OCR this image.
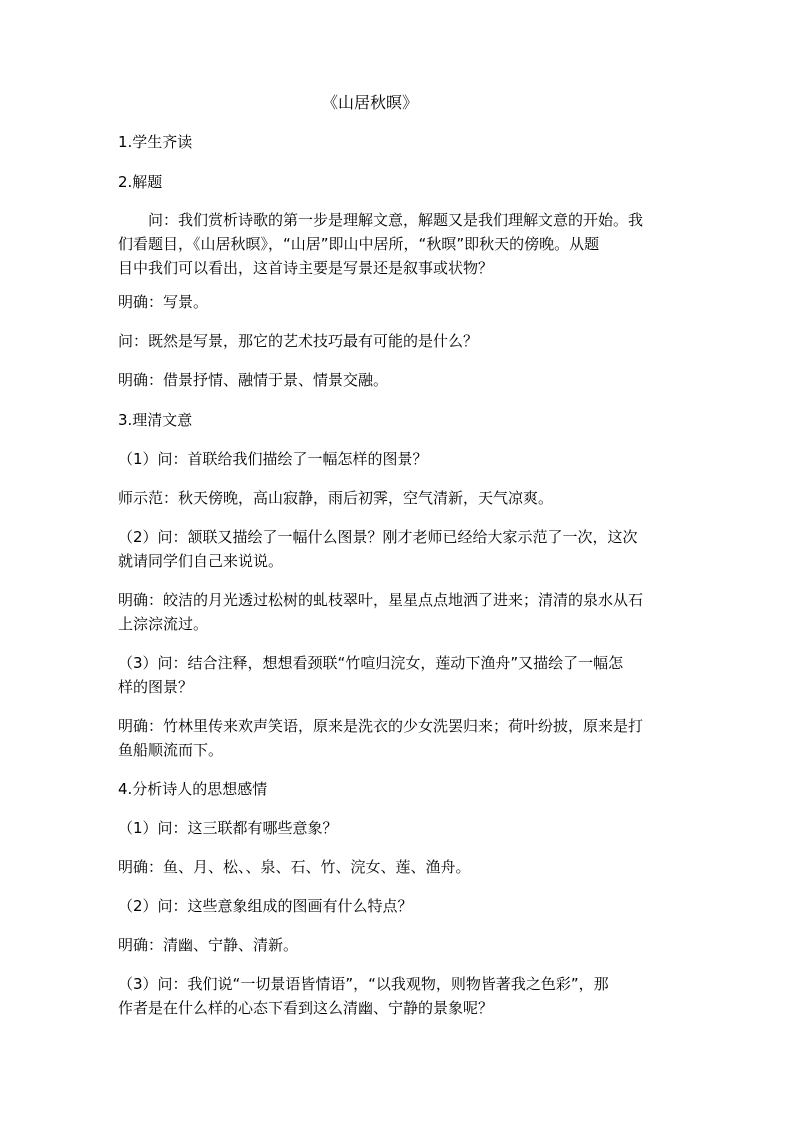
《山居秋暝》

1.学生齐读

2.解题

　　问：我们赏析诗歌的第一步是理解文意，解题又是我们理解文意的开始。我

们看题目，《山居秋暝》，“山居”即山中居所，“秋暝”即秋天的傍晚。从题

目中我们可以看出，这首诗主要是写景还是叙事或状物？

明确：写景。

问：既然是写景，那它的艺术技巧最有可能的是什么？

明确：借景抒情、融情于景、情景交融。

3.理清文意

（1）问：首联给我们描绘了一幅怎样的图景？

师示范：秋天傍晚，高山寂静，雨后初霁，空气清新，天气凉爽。

（2）问：颔联又描绘了一幅什么图景？刚才老师已经给大家示范了一次，这次

就请同学们自己来说说。

明确：皎洁的月光透过松树的虬枝翠叶，星星点点地洒了进来；清清的泉水从石

上淙淙流过。

（3）问：结合注释，想想看颈联“竹喧归浣女，莲动下渔舟”又描绘了一幅怎

样的图景？

明确：竹林里传来欢声笑语，原来是洗衣的少女洗罢归来；荷叶纷披，原来是打

鱼船顺流而下。

4.分析诗人的思想感情

（1）问：这三联都有哪些意象？

明确：鱼、月、松、、泉、石、竹、浣女、莲、渔舟。

（2）问：这些意象组成的图画有什么特点？

明确：清幽、宁静、清新。

（3）问：我们说“一切景语皆情语”，“以我观物，则物皆著我之色彩”，那

作者是在什么样的心态下看到这么清幽、宁静的景象呢？
